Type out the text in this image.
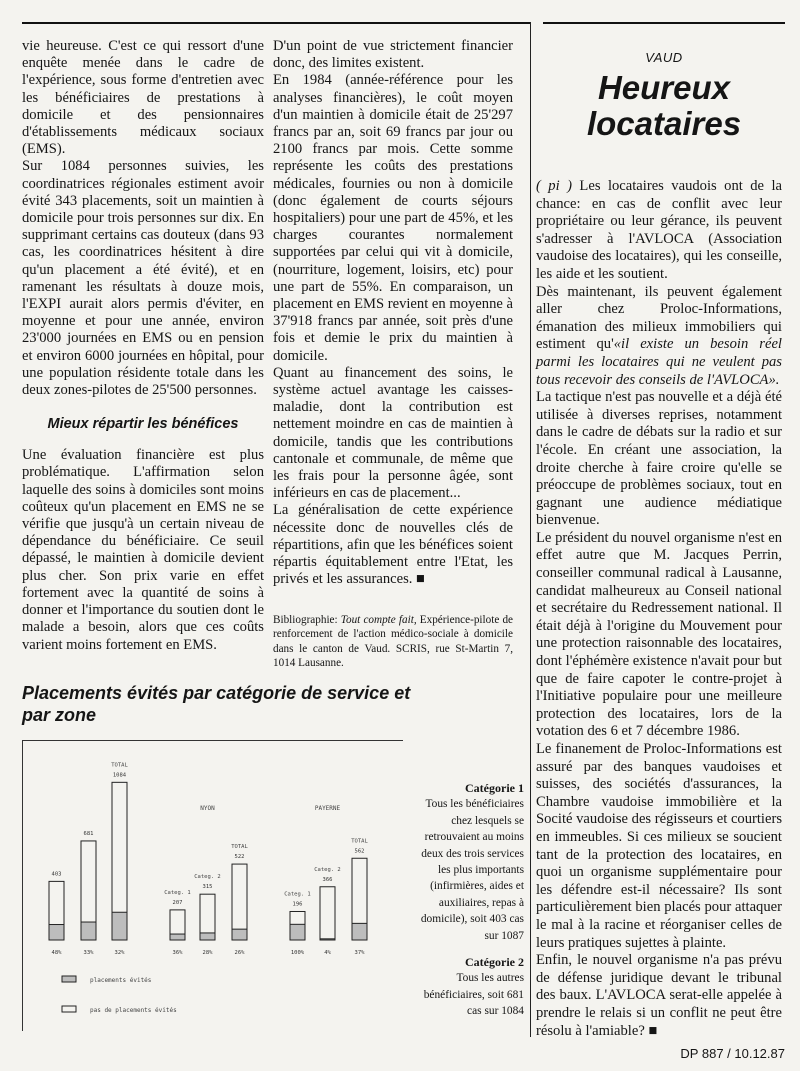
vie heureuse. C'est ce qui ressort d'une enquête menée dans le cadre de l'expérience, sous forme d'entretien avec les bénéficiaires de prestations à domicile et des pensionnaires d'établissements médicaux sociaux (EMS).

Sur 1084 personnes suivies, les coordinatrices régionales estiment avoir évité 343 placements, soit un maintien à domicile pour trois personnes sur dix. En supprimant certains cas douteux (dans 93 cas, les coordinatrices hésitent à dire qu'un placement a été évité), et en ramenant les résultats à douze mois, l'EXPI aurait alors permis d'éviter, en moyenne et pour une année, environ 23'000 journées en EMS ou en pension et environ 6000 journées en hôpital, pour une population résidente totale dans les deux zones-pilotes de 25'500 personnes.

Mieux répartir les bénéfices

Une évaluation financière est plus problématique. L'affirmation selon laquelle des soins à domiciles sont moins coûteux qu'un placement en EMS ne se vérifie que jusqu'à un certain niveau de dépendance du bénéficiaire. Ce seuil dépassé, le maintien à domicile devient plus cher. Son prix varie en effet fortement avec la quantité de soins à donner et l'importance du soutien dont le malade a besoin, alors que ces coûts varient moins fortement en EMS.

D'un point de vue strictement financier donc, des limites existent.

En 1984 (année-référence pour les analyses financières), le coût moyen d'un maintien à domicile était de 25'297 francs par an, soit 69 francs par jour ou 2100 francs par mois. Cette somme représente les coûts des prestations médicales, fournies ou non à domicile (donc également de courts séjours hospitaliers) pour une part de 45%, et les charges courantes normalement supportées par celui qui vit à domicile, (nourriture, logement, loisirs, etc) pour une part de 55%. En comparaison, un placement en EMS revient en moyenne à 37'918 francs par année, soit près d'une fois et demie le prix du maintien à domicile.

Quant au financement des soins, le système actuel avantage les caisses-maladie, dont la contribution est nettement moindre en cas de maintien à domicile, tandis que les contributions cantonale et communale, de même que les frais pour la personne âgée, sont inférieurs en cas de placement...

La généralisation de cette expérience nécessite donc de nouvelles clés de répartitions, afin que les bénéfices soient répartis équitablement entre l'Etat, les privés et les assurances. ■

Bibliographie: Tout compte fait, Expérience-pilote de renforcement de l'action médico-sociale à domicile dans le canton de Vaud. SCRIS, rue St-Martin 7, 1014 Lausanne.

VAUD
Heureux locataires

( pi ) Les locataires vaudois ont de la chance: en cas de conflit avec leur propriétaire ou leur gérance, ils peuvent s'adresser à l'AVLOCA (Association vaudoise des locataires), qui les conseille, les aide et les soutient.

Dès maintenant, ils peuvent également aller chez Proloc-Informations, émanation des milieux immobiliers qui estiment qu'«il existe un besoin réel parmi les locataires qui ne veulent pas tous recevoir des conseils de l'AVLOCA».

La tactique n'est pas nouvelle et a déjà été utilisée à diverses reprises, notamment dans le cadre de débats sur la radio et sur l'école. En créant une association, la droite cherche à faire croire qu'elle se préoccupe de problèmes sociaux, tout en gagnant une audience médiatique bienvenue.

Le président du nouvel organisme n'est en effet autre que M. Jacques Perrin, conseiller communal radical à Lausanne, candidat malheureux au Conseil national et secrétaire du Redressement national. Il était déjà à l'origine du Mouvement pour une protection raisonnable des locataires, dont l'éphémère existence n'avait pour but que de faire capoter le contre-projet à l'Initiative populaire pour une meilleure protection des locataires, lors de la votation des 6 et 7 décembre 1986.

Le finanement de Proloc-Informations est assuré par des banques vaudoises et suisses, des sociétés d'assurances, la Chambre vaudoise immobilière et la Socité vaudoise des régisseurs et courtiers en immeubles. Si ces milieux se soucient tant de la protection des locataires, en quoi un organisme supplémentaire pour les défendre est-il nécessaire? Ils sont particulièrement bien placés pour attaquer le mal à la racine et réorganiser celles de leurs pratiques sujettes à plainte.

Enfin, le nouvel organisme n'a pas prévu de défense juridique devant le tribunal des baux. L'AVLOCA serat-elle appelée à prendre le relais si un conflit ne peut être résolu à l'amiable? ■

Placements évités par catégorie de service et par zone
403
48%
681
33%
1084
TOTAL
32%
NYON
207
Categ. 1
36%
315
Categ. 2
28%
522
TOTAL
26%
PAYERNE
196
Categ. 1
100%
366
Categ. 2
4%
562
TOTAL
37%
placements évités
pas de placements évités
Catégorie 1
Tous les bénéficiaires chez lesquels se retrouvaient au moins deux des trois services les plus importants (infirmières, aides et auxiliaires, repas à domicile), soit 403 cas sur 1087
Catégorie 2
Tous les autres bénéficiaires, soit 681 cas sur 1084
DP 887 / 10.12.87
